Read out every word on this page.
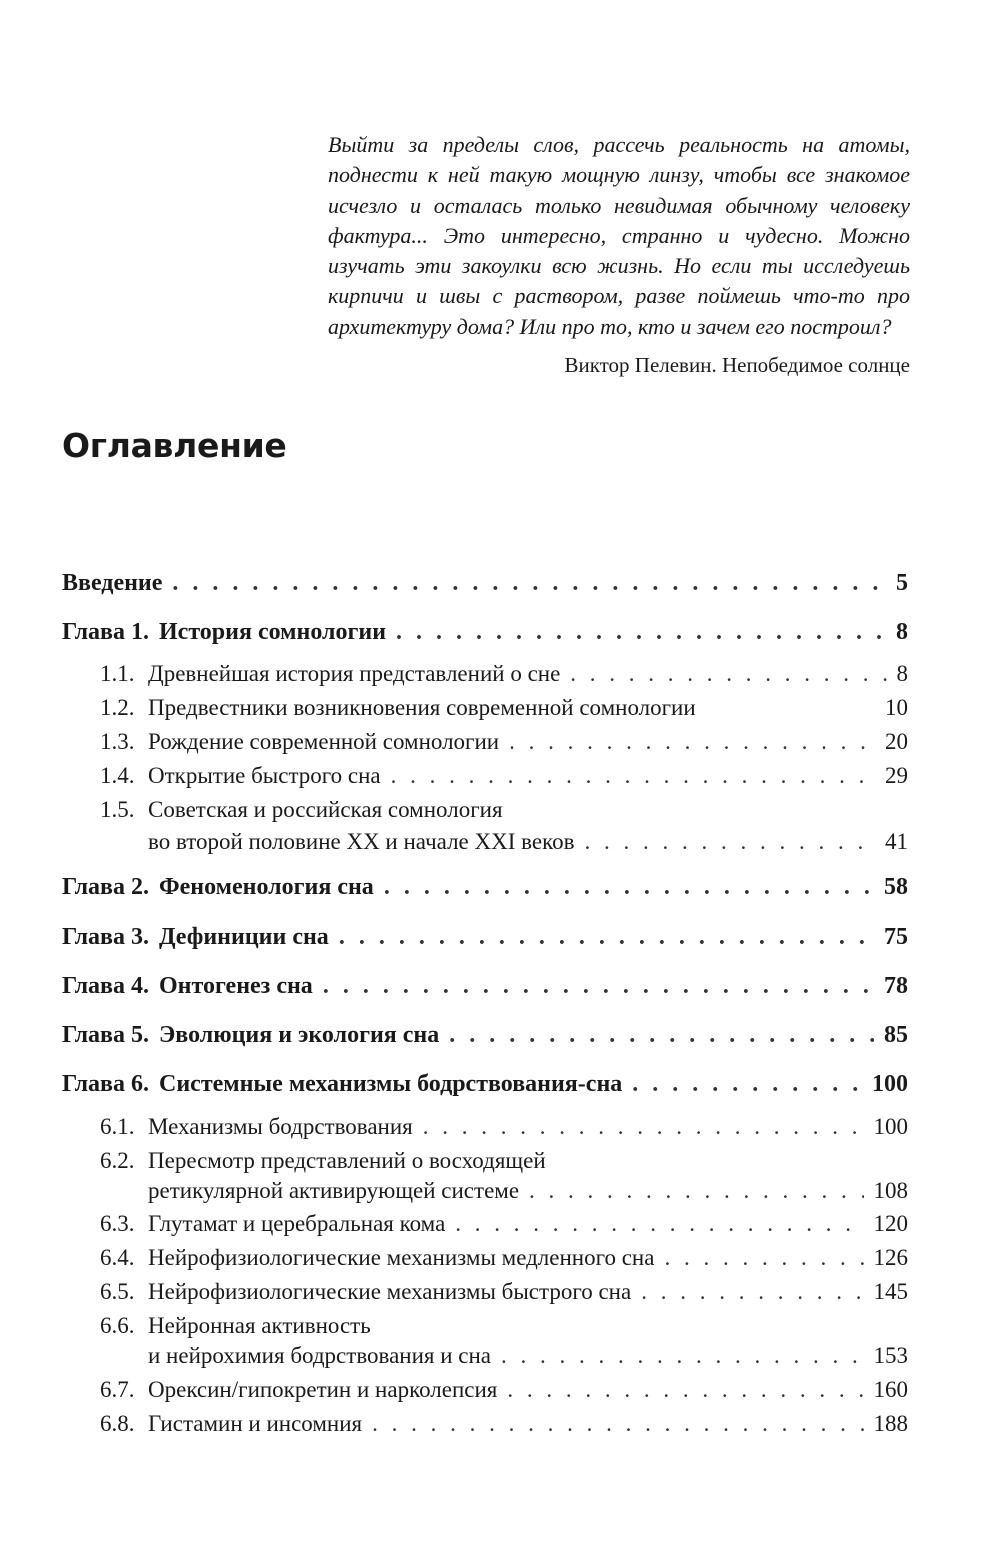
Выйти за пределы слов, рассечь реальность на атомы, поднести к ней такую мощную линзу, чтобы все знакомое исчезло и осталась только невидимая обычному человеку фактура... Это интересно, странно и чудесно. Можно изучать эти закоулки всю жизнь. Но если ты исследуешь кирпичи и швы с раствором, разве поймешь что-то про архитектуру дома? Или про то, кто и зачем его построил?

Виктор Пелевин. Непобедимое солнце
Оглавление
Введение . . .	5
Глава 1. История сомнологии . . .	8
1.1. Древнейшая история представлений о сне . . .	8
1.2. Предвестники возникновения современной сомнологии	10
1.3. Рождение современной сомнологии . . .	20
1.4. Открытие быстрого сна . . .	29
1.5. Советская и российская сомнология
во второй половине XX и начале XXI веков . . .	41
Глава 2. Феноменология сна . . .	58
Глава 3. Дефиниции сна . . .	75
Глава 4. Онтогенез сна . . .	78
Глава 5. Эволюция и экология сна . . .	85
Глава 6. Системные механизмы бодрствования-сна . . .	100
6.1. Механизмы бодрствования . . .	100
6.2. Пересмотр представлений о восходящей
ретикулярной активирующей системе . . .	108
6.3. Глутамат и церебральная кома . . .	120
6.4. Нейрофизиологические механизмы медленного сна . . .	126
6.5. Нейрофизиологические механизмы быстрого сна . . .	145
6.6. Нейронная активность
и нейрохимия бодрствования и сна . . .	153
6.7. Орексин/гипокретин и нарколепсия . . .	160
6.8. Гистамин и инсомния . . .	188
